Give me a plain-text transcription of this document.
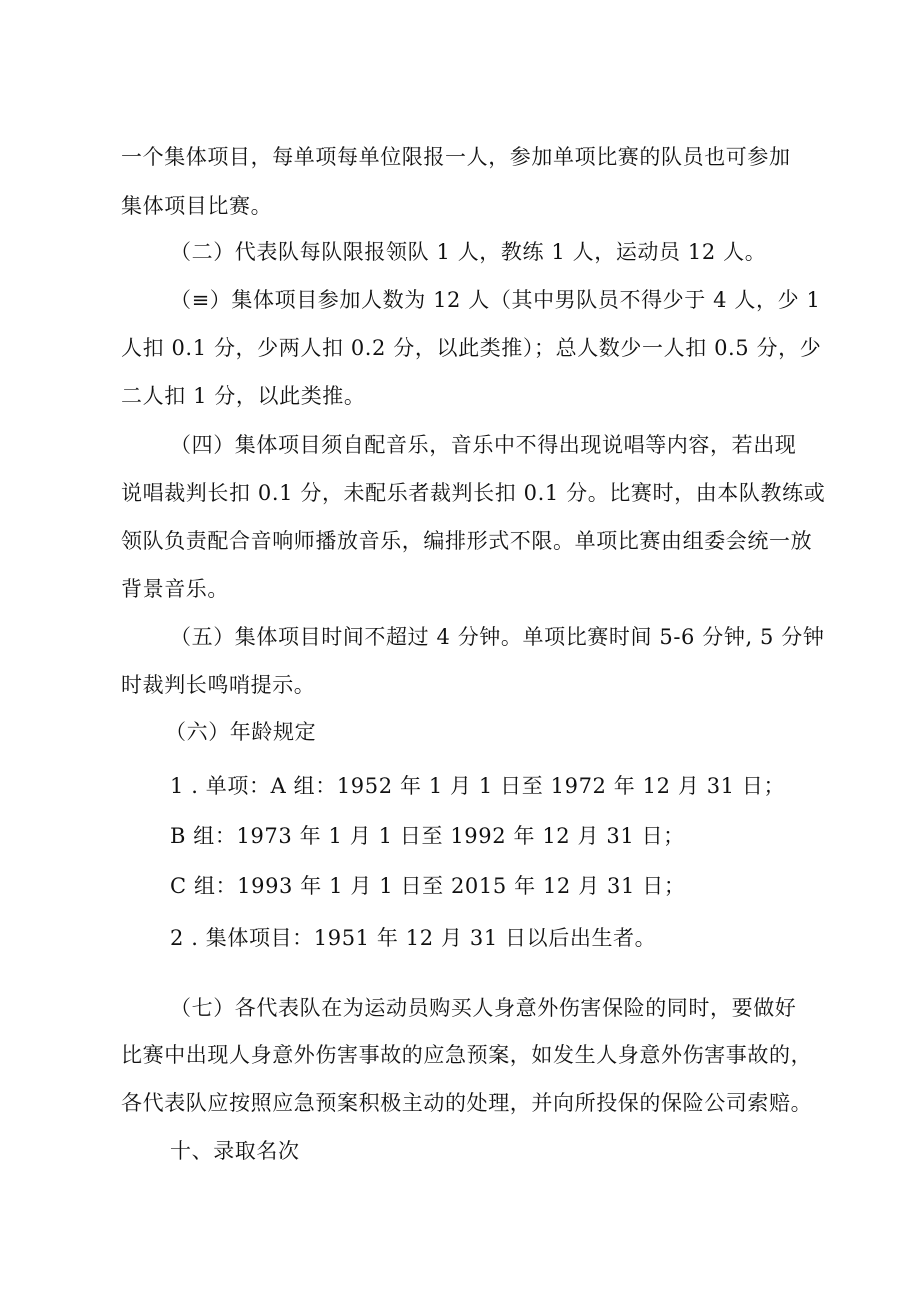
一个集体项目，每单项每单位限报一人，参加单项比赛的队员也可参加
集体项目比赛。
（二）代表队每队限报领队 1 人，教练 1 人，运动员 12 人。
（≡）集体项目参加人数为 12 人（其中男队员不得少于 4 人，少 1
人扣 0.1 分，少两人扣 0.2 分，以此类推）；总人数少一人扣 0.5 分，少
二人扣 1 分，以此类推。
（四）集体项目须自配音乐，音乐中不得出现说唱等内容，若出现
说唱裁判长扣 0.1 分，未配乐者裁判长扣 0.1 分。比赛时，由本队教练或
领队负责配合音响师播放音乐，编排形式不限。单项比赛由组委会统一放
背景音乐。
（五）集体项目时间不超过 4 分钟。单项比赛时间 5-6 分钟, 5 分钟
时裁判长鸣哨提示。
（六）年龄规定
1 . 单项：A 组：1952 年 1 月 1 日至 1972 年 12 月 31 日；
B 组：1973 年 1 月 1 日至 1992 年 12 月 31 日；
C 组：1993 年 1 月 1 日至 2015 年 12 月 31 日；
2 . 集体项目：1951 年 12 月 31 日以后出生者。
（七）各代表队在为运动员购买人身意外伤害保险的同时，要做好
比赛中出现人身意外伤害事故的应急预案，如发生人身意外伤害事故的，
各代表队应按照应急预案积极主动的处理，并向所投保的保险公司索赔。
十、录取名次
